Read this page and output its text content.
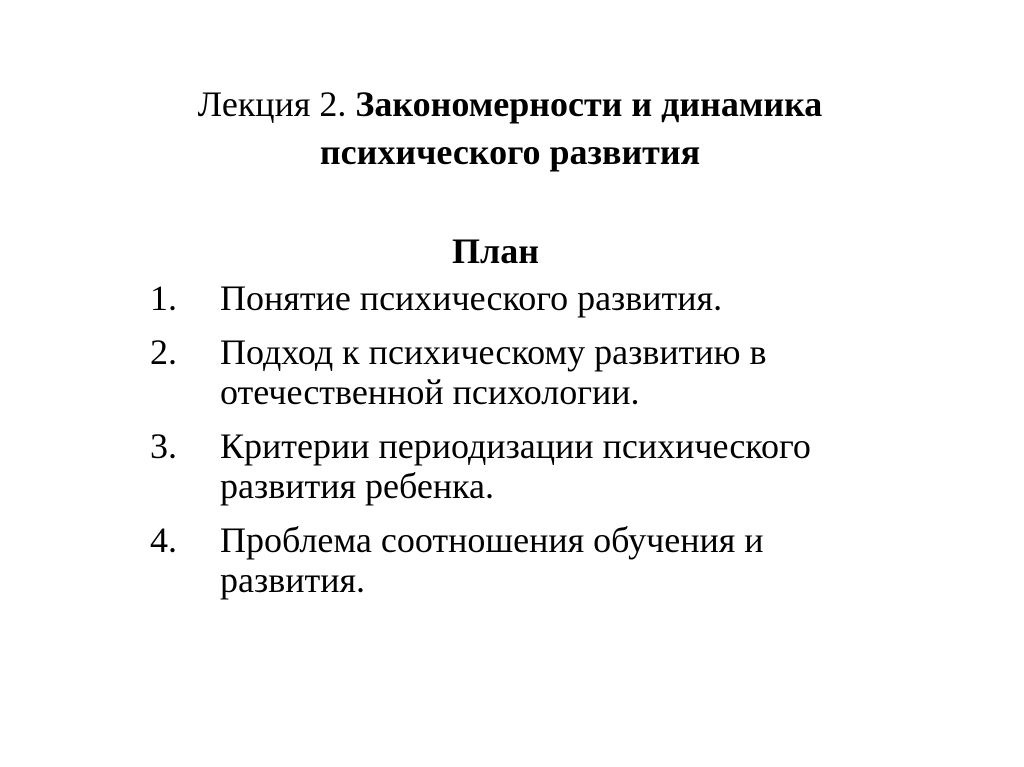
Лекция 2. Закономерности и динамика психического развития
План
1. Понятие психического развития.
2. Подход к психическому развитию в отечественной психологии.
3. Критерии периодизации психического развития ребенка.
4. Проблема соотношения обучения и развития.
